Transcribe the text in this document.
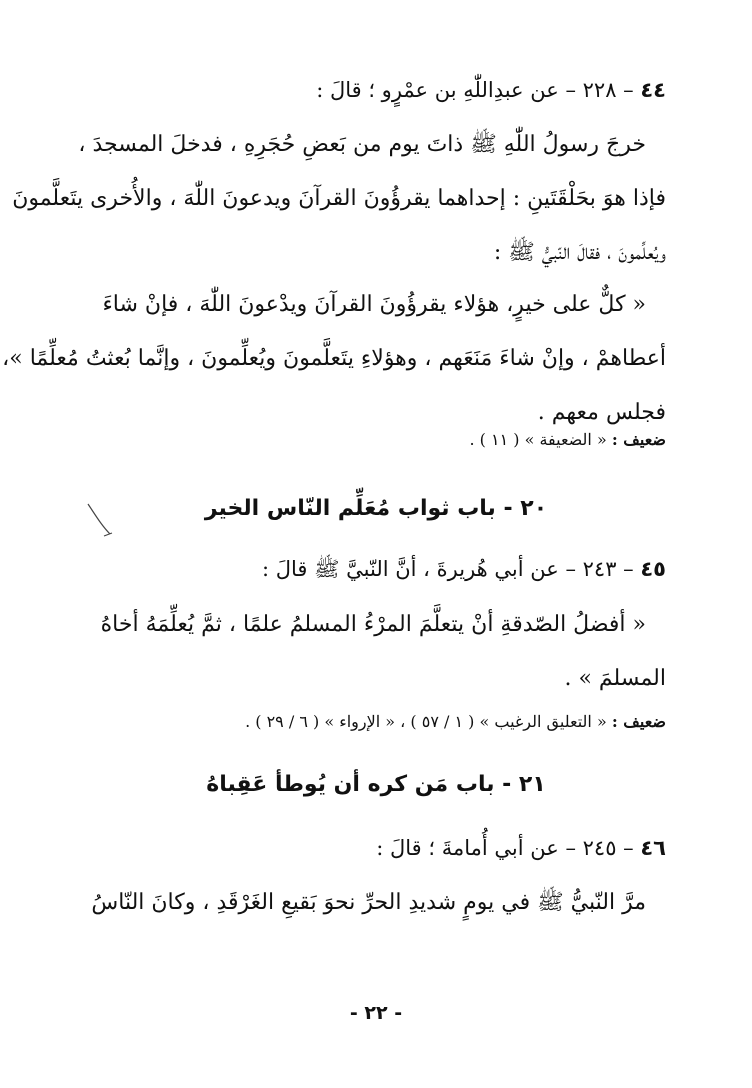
٤٤ – ٢٢٨ – عن عبدِاللّٰهِ بن عمْرٍو ؛ قالَ :

خرجَ رسولُ اللّٰهِ ﷺ ذاتَ يوم من بَعضِ حُجَرِهِ ، فدخلَ المسجدَ ،
فإذا هوَ بحَلْقَتَينِ : إحداهما يقرؤُونَ القرآنَ ويدعونَ اللّٰهَ ، والأُخرى يتَعلَّمونَ
ويُعلِّمونَ ، فقالَ النّبيُّ ﷺ :
« كلٌّ على خيرٍ، هؤلاء يقرؤُونَ القرآنَ ويدْعونَ اللّٰهَ ، فإنْ شاءَ
أعطاهمْ ، وإنْ شاءَ مَنَعَهم ، وهؤلاءِ يتَعلَّمونَ ويُعلِّمونَ ، وإنَّما بُعثتُ مُعلِّمًا »،
فجلس معهم .

ضعيف : « الضعيفة » ( ١١ ) .

٢٠ - باب ثواب مُعَلِّم النّاس الخير

٤٥ – ٢٤٣ – عن أبي هُريرةَ ، أنَّ النّبيَّ ﷺ قالَ :

« أفضلُ الصّدقةِ أنْ يتعلَّمَ المرْءُ المسلمُ علمًا ، ثمَّ يُعلِّمَهُ أخاهُ
المسلمَ » .

ضعيف : « التعليق الرغيب » ( ١ / ٥٧ ) ، « الإرواء » ( ٦ / ٢٩ ) .

٢١ - باب مَن كره أن يُوطأ عَقِباهُ

٤٦ – ٢٤٥ – عن أبي أُمامةَ ؛ قالَ :

مرَّ النّبيُّ ﷺ في يومٍ شديدِ الحرِّ نحوَ بَقيعِ الغَرْقَدِ ، وكانَ النّاسُ
- ٢٢ -
